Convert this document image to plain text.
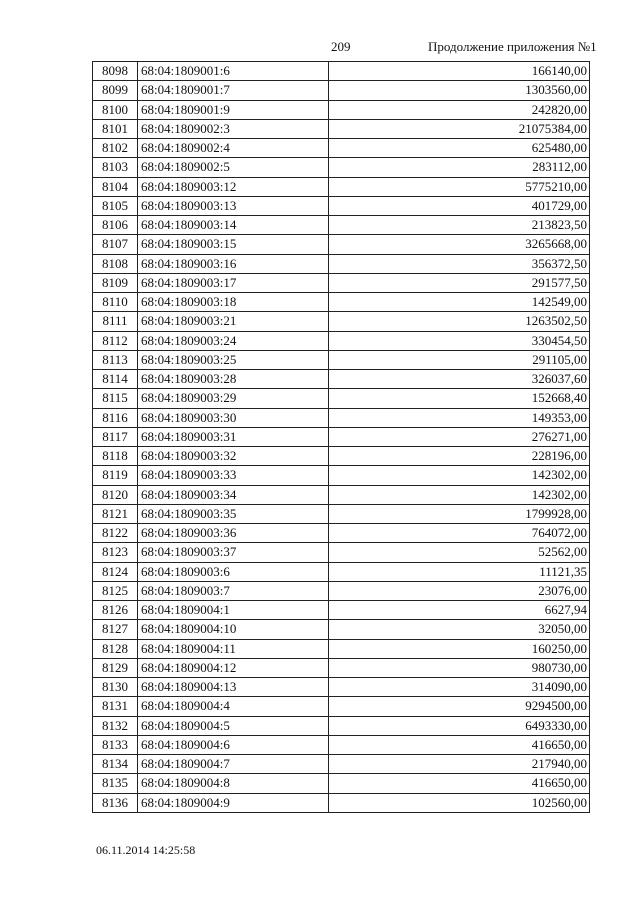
209	Продолжение приложения №1
8098	68:04:1809001:6	166140,00
8099	68:04:1809001:7	1303560,00
8100	68:04:1809001:9	242820,00
8101	68:04:1809002:3	21075384,00
8102	68:04:1809002:4	625480,00
8103	68:04:1809002:5	283112,00
8104	68:04:1809003:12	5775210,00
8105	68:04:1809003:13	401729,00
8106	68:04:1809003:14	213823,50
8107	68:04:1809003:15	3265668,00
8108	68:04:1809003:16	356372,50
8109	68:04:1809003:17	291577,50
8110	68:04:1809003:18	142549,00
8111	68:04:1809003:21	1263502,50
8112	68:04:1809003:24	330454,50
8113	68:04:1809003:25	291105,00
8114	68:04:1809003:28	326037,60
8115	68:04:1809003:29	152668,40
8116	68:04:1809003:30	149353,00
8117	68:04:1809003:31	276271,00
8118	68:04:1809003:32	228196,00
8119	68:04:1809003:33	142302,00
8120	68:04:1809003:34	142302,00
8121	68:04:1809003:35	1799928,00
8122	68:04:1809003:36	764072,00
8123	68:04:1809003:37	52562,00
8124	68:04:1809003:6	11121,35
8125	68:04:1809003:7	23076,00
8126	68:04:1809004:1	6627,94
8127	68:04:1809004:10	32050,00
8128	68:04:1809004:11	160250,00
8129	68:04:1809004:12	980730,00
8130	68:04:1809004:13	314090,00
8131	68:04:1809004:4	9294500,00
8132	68:04:1809004:5	6493330,00
8133	68:04:1809004:6	416650,00
8134	68:04:1809004:7	217940,00
8135	68:04:1809004:8	416650,00
8136	68:04:1809004:9	102560,00
06.11.2014 14:25:58
